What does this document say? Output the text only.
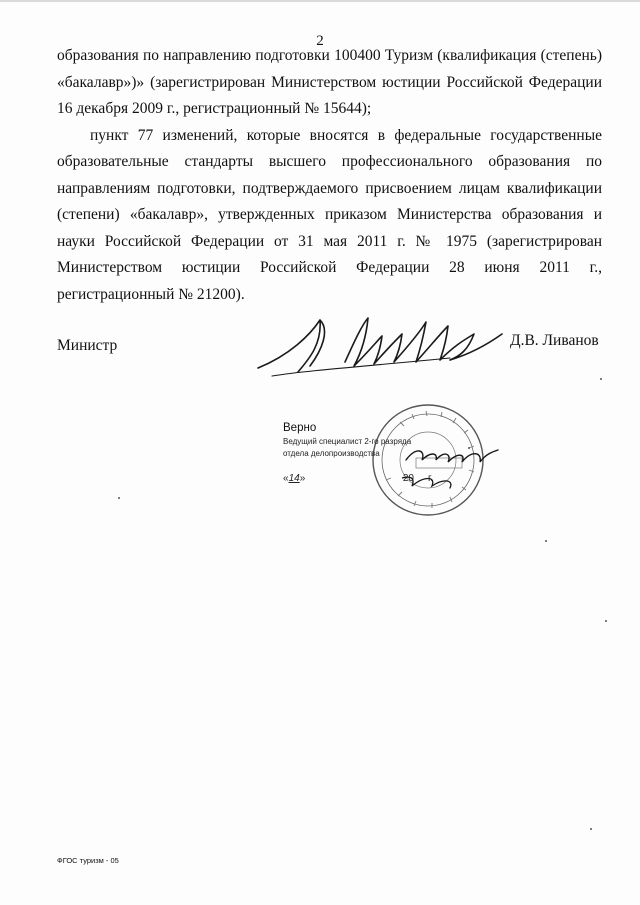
2

образования по направлению подготовки 100400 Туризм (квалификация (степень) «бакалавр»)» (зарегистрирован Министерством юстиции Российской Федерации 16 декабря 2009 г., регистрационный № 15644);

пункт 77 изменений, которые вносятся в федеральные государственные образовательные стандарты высшего профессионального образования по направлениям подготовки, подтверждаемого присвоением лицам квалификации (степени) «бакалавр», утвержденных приказом Министерства образования и науки Российской Федерации от 31 мая 2011 г. № 1975 (зарегистрирован Министерством юстиции Российской Федерации 28 июня 2011 г., регистрационный № 21200).

Министр	Д.В. Ливанов
Верно
Ведущий специалист 2-го разряда
отдела делопроизводства
«14»	20 г.
ФГОС туризм - 05
